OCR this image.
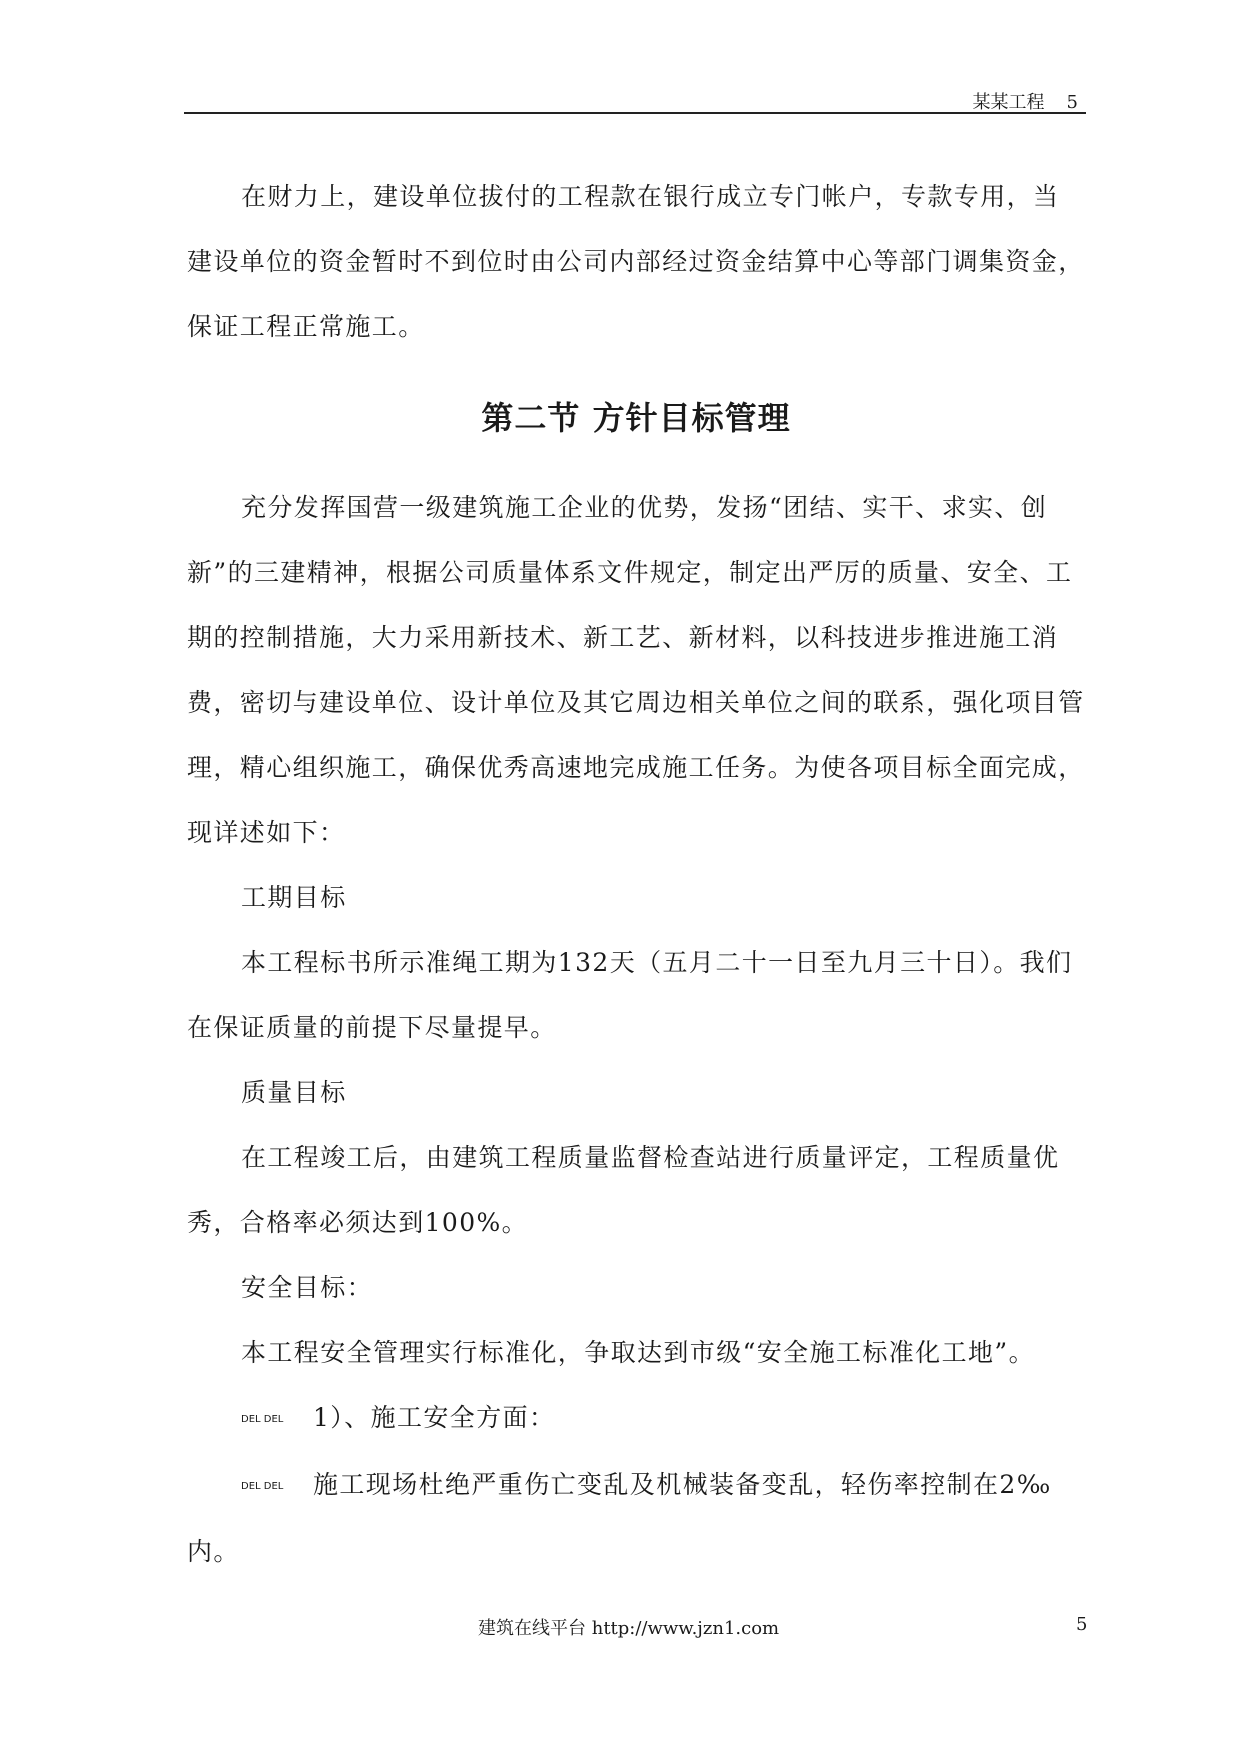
某某工程 5

在财力上，建设单位拔付的工程款在银行成立专门帐户，专款专用，当建设单位的资金暂时不到位时由公司内部经过资金结算中心等部门调集资金，保证工程正常施工。

第二节 方针目标管理

充分发挥国营一级建筑施工企业的优势，发扬“团结、实干、求实、创新”的三建精神，根据公司质量体系文件规定，制定出严厉的质量、安全、工期的控制措施，大力采用新技术、新工艺、新材料，以科技进步推进施工消费，密切与建设单位、设计单位及其它周边相关单位之间的联系，强化项目管理，精心组织施工，确保优秀高速地完成施工任务。为使各项目标全面完成，现详述如下：

工期目标

本工程标书所示准绳工期为132天（五月二十一日至九月三十日）。我们在保证质量的前提下尽量提早。

质量目标

在工程竣工后，由建筑工程质量监督检查站进行质量评定，工程质量优秀，合格率必须达到100%。

安全目标：

本工程安全管理实行标准化，争取达到市级“安全施工标准化工地”。

DEL DEL 1）、施工安全方面：

DEL DEL 施工现场杜绝严重伤亡变乱及机械装备变乱，轻伤率控制在2‰内。

建筑在线平台 http://www.jzn1.com	5
